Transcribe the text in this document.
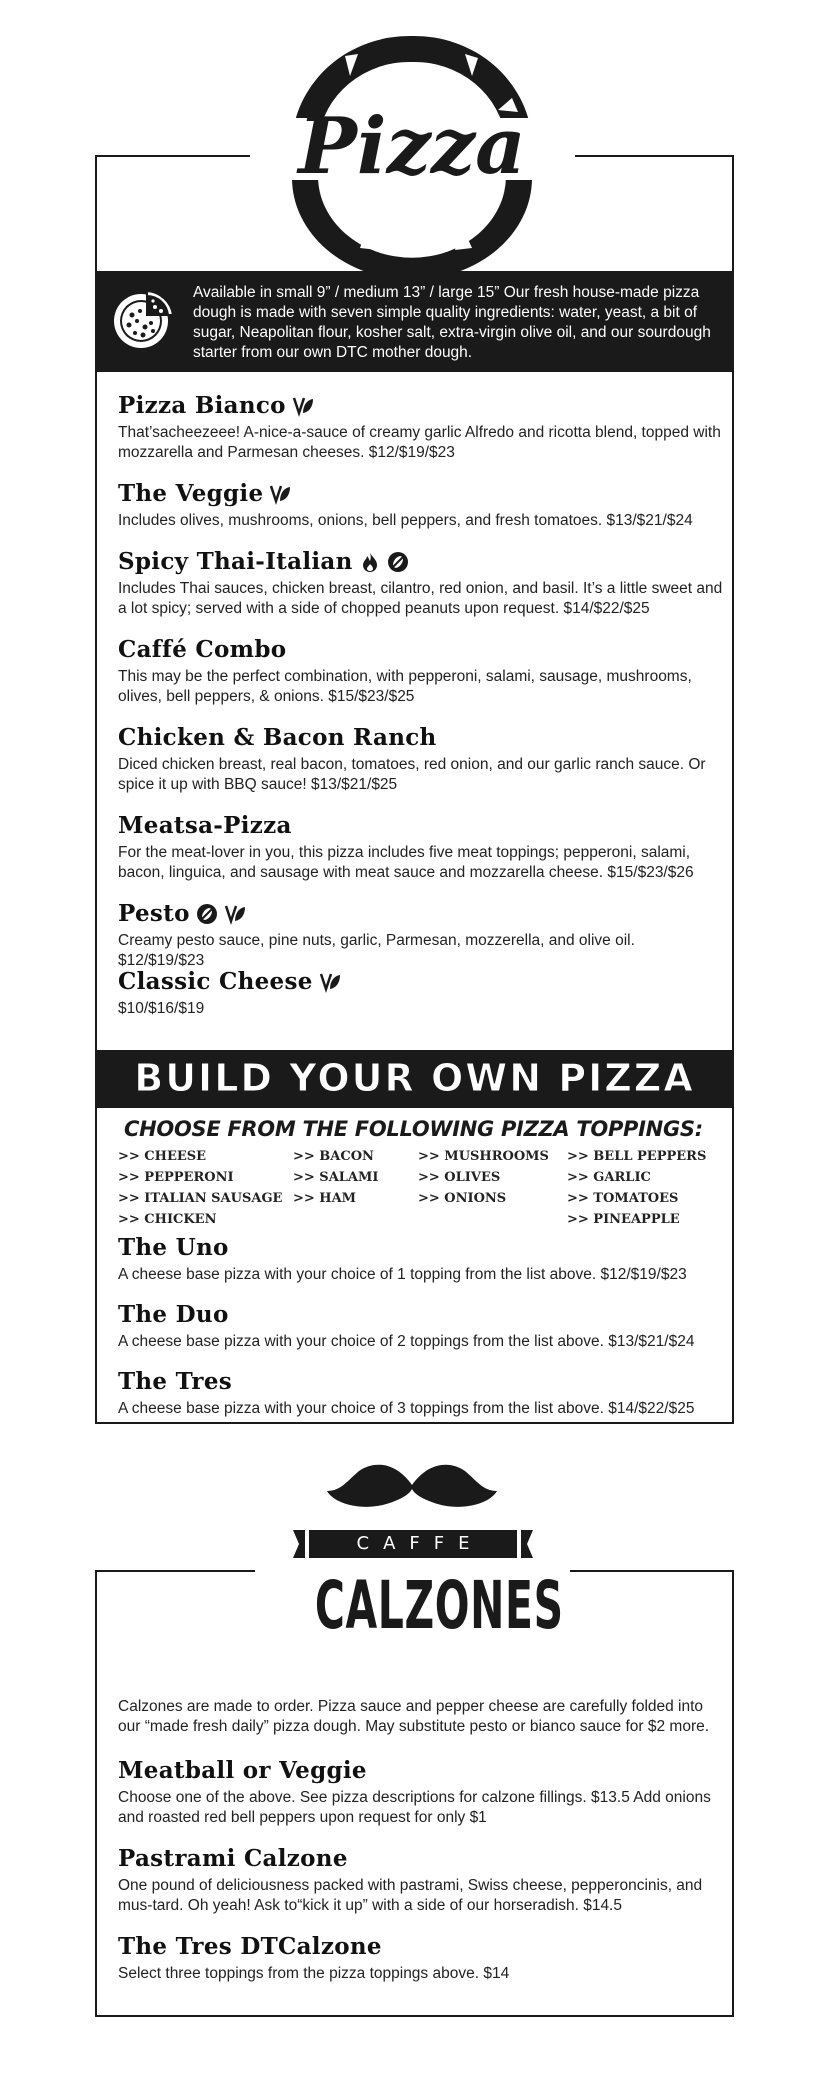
Pizza
Available in small 9” / medium 13” / large 15” Our fresh house-made pizza dough is made with seven simple quality ingredients: water, yeast, a bit of sugar, Neapolitan flour, kosher salt, extra-virgin olive oil, and our sourdough starter from our own DTC mother dough.
Pizza Bianco
That’sacheezeee! A-nice-a-sauce of creamy garlic Alfredo and ricotta blend, topped with mozzarella and Parmesan cheeses. $12/$19/$23
The Veggie
Includes olives, mushrooms, onions, bell peppers, and fresh tomatoes. $13/$21/$24
Spicy Thai-Italian
Includes Thai sauces, chicken breast, cilantro, red onion, and basil. It’s a little sweet and a lot spicy; served with a side of chopped peanuts upon request. $14/$22/$25
Caffé Combo
This may be the perfect combination, with pepperoni, salami, sausage, mushrooms, olives, bell peppers, & onions. $15/$23/$25
Chicken & Bacon Ranch
Diced chicken breast, real bacon, tomatoes, red onion, and our garlic ranch sauce. Or spice it up with BBQ sauce! $13/$21/$25
Meatsa-Pizza
For the meat-lover in you, this pizza includes five meat toppings; pepperoni, salami, bacon, linguica, and sausage with meat sauce and mozzarella cheese. $15/$23/$26
Pesto
Creamy pesto sauce, pine nuts, garlic, Parmesan, mozzerella, and olive oil. $12/$19/$23
Classic Cheese
$10/$16/$19
BUILD YOUR OWN PIZZA
CHOOSE FROM THE FOLLOWING PIZZA TOPPINGS:
>> CHEESE
>> PEPPERONI
>> ITALIAN SAUSAGE
>> CHICKEN
>> BACON
>> SALAMI
>> HAM
>> MUSHROOMS
>> OLIVES
>> ONIONS
>> BELL PEPPERS
>> GARLIC
>> TOMATOES
>> PINEAPPLE
The Uno
A cheese base pizza with your choice of 1 topping from the list above. $12/$19/$23
The Duo
A cheese base pizza with your choice of 2 toppings from the list above. $13/$21/$24
The Tres
A cheese base pizza with your choice of 3 toppings from the list above. $14/$22/$25
CAFFE
CALZONES
Calzones are made to order. Pizza sauce and pepper cheese are carefully folded into our “made fresh daily” pizza dough. May substitute pesto or bianco sauce for $2 more.
Meatball or Veggie
Choose one of the above. See pizza descriptions for calzone fillings. $13.5 Add onions and roasted red bell peppers upon request for only $1
Pastrami Calzone
One pound of deliciousness packed with pastrami, Swiss cheese, pepperoncinis, and mus-tard. Oh yeah! Ask to“kick it up” with a side of our horseradish. $14.5
The Tres DTCalzone
Select three toppings from the pizza toppings above. $14
